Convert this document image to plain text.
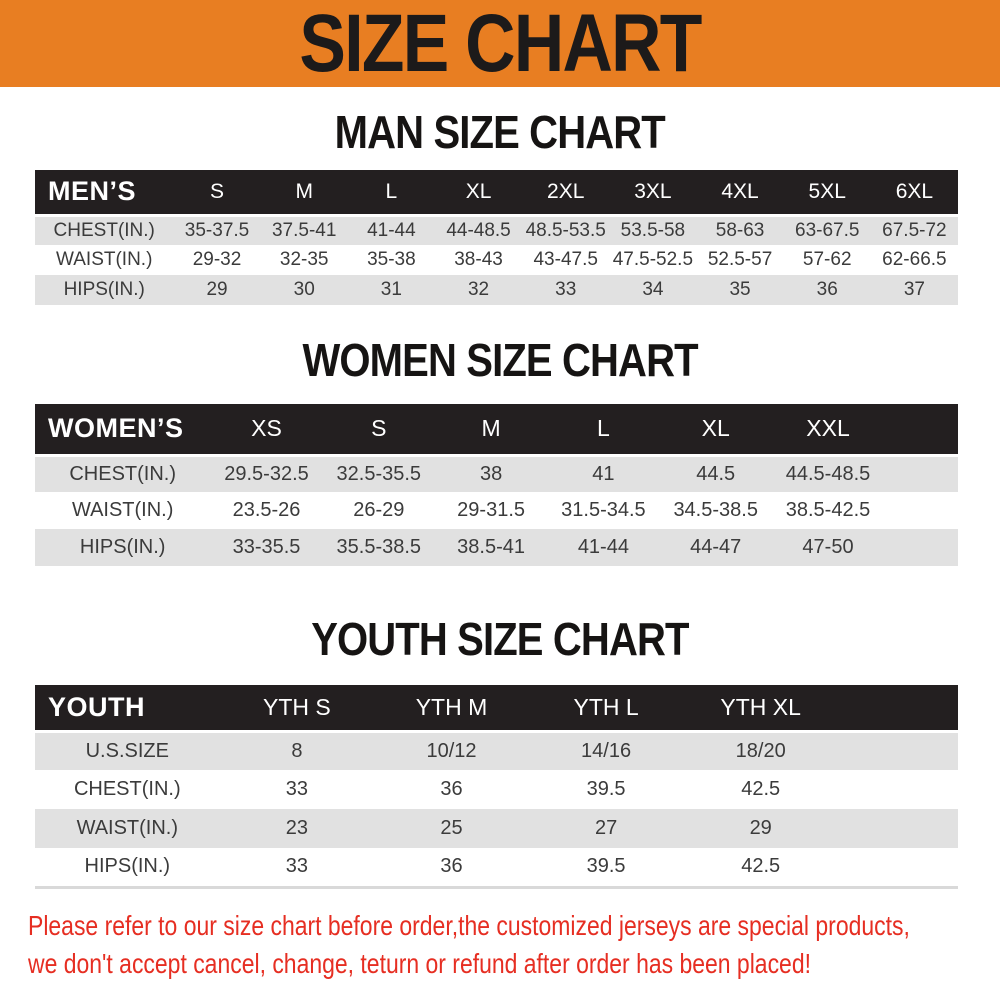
SIZE CHART
MAN SIZE CHART
MEN’S	S	M	L	XL	2XL	3XL	4XL	5XL	6XL
CHEST(IN.)	35-37.5	37.5-41	41-44	44-48.5	48.5-53.5	53.5-58	58-63	63-67.5	67.5-72
WAIST(IN.)	29-32	32-35	35-38	38-43	43-47.5	47.5-52.5	52.5-57	57-62	62-66.5
HIPS(IN.)	29	30	31	32	33	34	35	36	37
WOMEN SIZE CHART
WOMEN’S	XS	S	M	L	XL	XXL	
CHEST(IN.)	29.5-32.5	32.5-35.5	38	41	44.5	44.5-48.5	
WAIST(IN.)	23.5-26	26-29	29-31.5	31.5-34.5	34.5-38.5	38.5-42.5	
HIPS(IN.)	33-35.5	35.5-38.5	38.5-41	41-44	44-47	47-50	
YOUTH SIZE CHART
YOUTH	YTH S	YTH M	YTH L	YTH XL	
U.S.SIZE	8	10/12	14/16	18/20	
CHEST(IN.)	33	36	39.5	42.5	
WAIST(IN.)	23	25	27	29	
HIPS(IN.)	33	36	39.5	42.5	
Please refer to our size chart before order,the customized jerseys are special products,
we don't accept cancel, change, teturn or refund after order has been placed!
